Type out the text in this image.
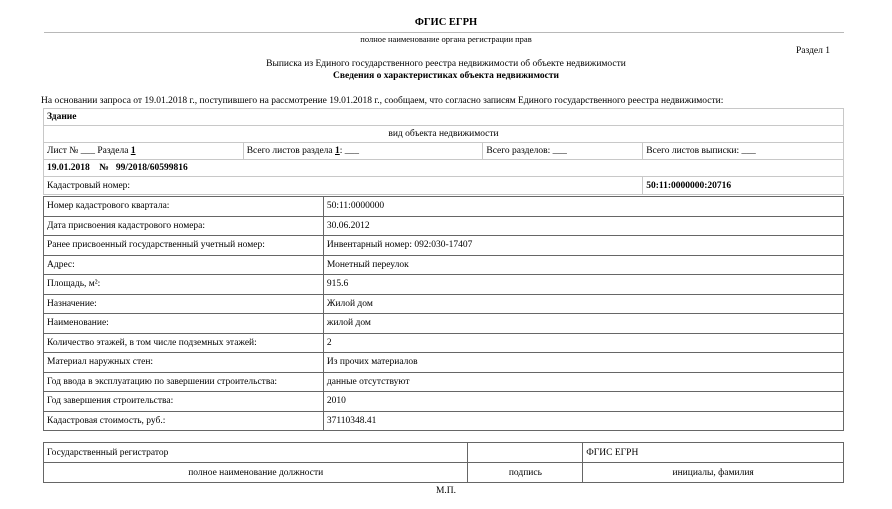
ФГИС ЕГРН
полное наименование органа регистрации прав
Раздел 1
Выписка из Единого государственного реестра недвижимости об объекте недвижимости
Сведения о характеристиках объекта недвижимости
На основании запроса от 19.01.2018 г., поступившего на рассмотрение 19.01.2018 г., сообщаем, что согласно записям Единого государственного реестра недвижимости:
Здание			
вид объекта недвижимости			
Лист № ___ Раздела 1	Всего листов раздела 1: ___	Всего разделов: ___	Всего листов выписки: ___
19.01.2018 № 99/2018/60599816			
Кадастровый номер:			50:11:0000000:20716
Номер кадастрового квартала:	50:11:0000000
Дата присвоения кадастрового номера:	30.06.2012
Ранее присвоенный государственный учетный номер:	Инвентарный номер: 092:030-17407
Адрес:	Монетный переулок
Площадь, м²:	915.6
Назначение:	Жилой дом
Наименование:	жилой дом
Количество этажей, в том числе подземных этажей:	2
Материал наружных стен:	Из прочих материалов
Год ввода в эксплуатацию по завершении строительства:	данные отсутствуют
Год завершения строительства:	2010
Кадастровая стоимость, руб.:	37110348.41
Государственный регистратор		ФГИС ЕГРН
полное наименование должности	подпись	инициалы, фамилия
М.П.
